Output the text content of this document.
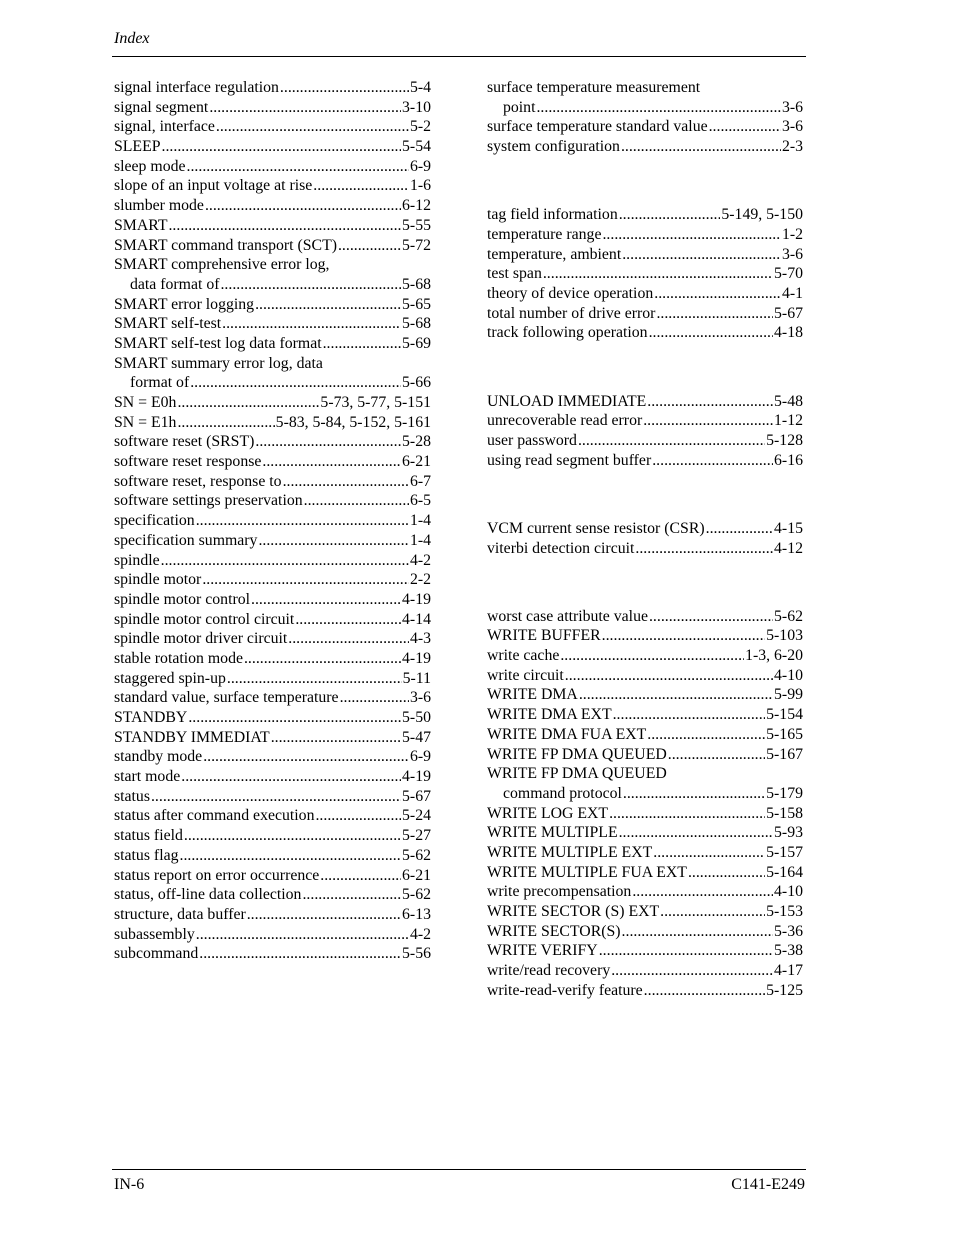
Index
signal interface regulation .....	5-4
signal segment .....	3-10
signal, interface .....	5-2
SLEEP .....	5-54
sleep mode .....	6-9
slope of an input voltage at rise .....	1-6
slumber mode .....	6-12
SMART .....	5-55
SMART command transport (SCT) .....	5-72
SMART comprehensive error log,
data format of .....	5-68
SMART error logging .....	5-65
SMART self-test .....	5-68
SMART self-test log data format .....	5-69
SMART summary error log, data
format of .....	5-66
SN = E0h .....	5-73, 5-77, 5-151
SN = E1h .....	5-83, 5-84, 5-152, 5-161
software reset (SRST) .....	5-28
software reset response .....	6-21
software reset, response to .....	6-7
software settings preservation .....	6-5
specification .....	1-4
specification summary .....	1-4
spindle .....	4-2
spindle motor .....	2-2
spindle motor control .....	4-19
spindle motor control circuit .....	4-14
spindle motor driver circuit .....	4-3
stable rotation mode .....	4-19
staggered spin-up .....	5-11
standard value, surface temperature .....	3-6
STANDBY .....	5-50
STANDBY IMMEDIAT .....	5-47
standby mode .....	6-9
start mode .....	4-19
status .....	5-67
status after command execution .....	5-24
status field .....	5-27
status flag .....	5-62
status report on error occurrence .....	6-21
status, off-line data collection .....	5-62
structure, data buffer .....	6-13
subassembly .....	4-2
subcommand .....	5-56
surface temperature measurement
point .....	3-6
surface temperature standard value .....	3-6
system configuration .....	2-3
tag field information .....	5-149, 5-150
temperature range .....	1-2
temperature, ambient .....	3-6
test span .....	5-70
theory of device operation .....	4-1
total number of drive error .....	5-67
track following operation .....	4-18
UNLOAD IMMEDIATE .....	5-48
unrecoverable read error .....	1-12
user password .....	5-128
using read segment buffer .....	6-16
VCM current sense resistor (CSR) .....	4-15
viterbi detection circuit .....	4-12
worst case attribute value .....	5-62
WRITE BUFFER .....	5-103
write cache .....	1-3, 6-20
write circuit .....	4-10
WRITE DMA .....	5-99
WRITE DMA EXT .....	5-154
WRITE DMA FUA EXT .....	5-165
WRITE FP DMA QUEUED .....	5-167
WRITE FP DMA QUEUED
command protocol .....	5-179
WRITE LOG EXT .....	5-158
WRITE MULTIPLE .....	5-93
WRITE MULTIPLE EXT .....	5-157
WRITE MULTIPLE FUA EXT .....	5-164
write precompensation .....	4-10
WRITE SECTOR (S) EXT .....	5-153
WRITE SECTOR(S) .....	5-36
WRITE VERIFY .....	5-38
write/read recovery .....	4-17
write-read-verify feature .....	5-125
IN-6	C141-E249
